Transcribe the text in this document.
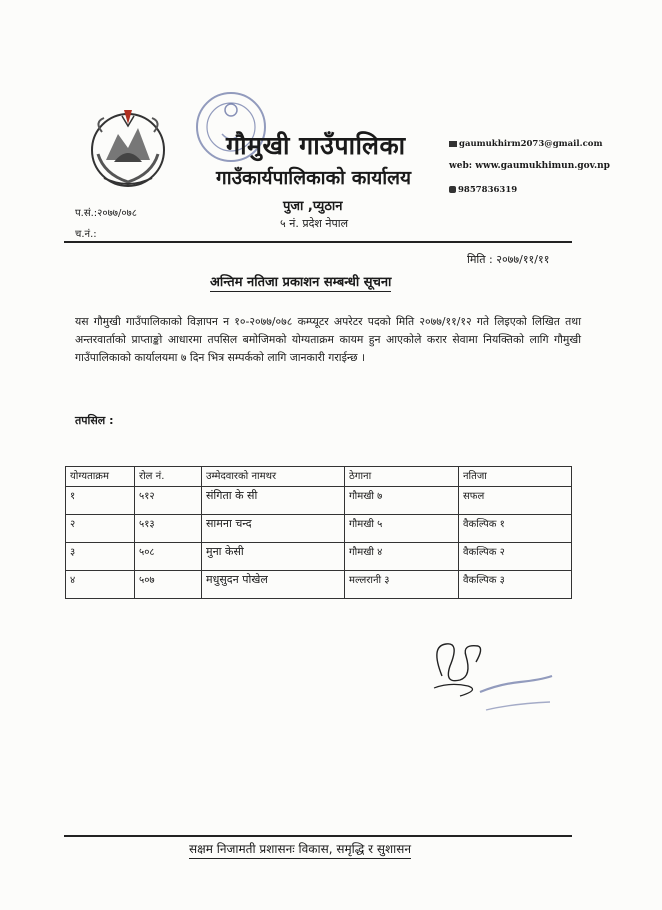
गौमुखी गाउँपालिका
गाउँकार्यपालिकाको कार्यालय
पुजा ,प्युठान
५ नं. प्रदेश नेपाल
gaumukhirm2073@gmail.com
web: www.gaumukhimun.gov.np
9857836319
प.सं.:२०७७/०७८
च.नं.:
मिति : २०७७/११/११
अन्तिम नतिजा प्रकाशन सम्बन्धी सूचना
यस गौमुखी गाउँपालिकाको विज्ञापन न १०-२०७७/०७८ कम्प्यूटर अपरेटर पदको मिति २०७७/११/१२ गते लिइएको लिखित तथा अन्तरवार्ताको प्राप्ताङ्को आधारमा तपसिल बमोजिमको योग्यताक्रम कायम हुन आएकोले करार सेवामा नियक्तिको लागि गौमुखी गाउँपालिकाको कार्यालयमा ७ दिन भित्र सम्पर्कको लागि जानकारी गराईन्छ ।
तपसिल :
योग्यताक्रम	रोल नं.	उम्मेदवारको नामथर	ठेगाना	नतिजा
१	५१२	संगिता के सी	गौमखी ७	सफल
२	५१३	सामना चन्द	गौमखी ५	वैकल्पिक १
३	५०८	मुना केसी	गौमखी ४	वैकल्पिक २
४	५०७	मधुसुदन पोखेल	मल्लरानी ३	वैकल्पिक ३
सक्षम निजामती प्रशासनः विकास, समृद्धि र सुशासन
